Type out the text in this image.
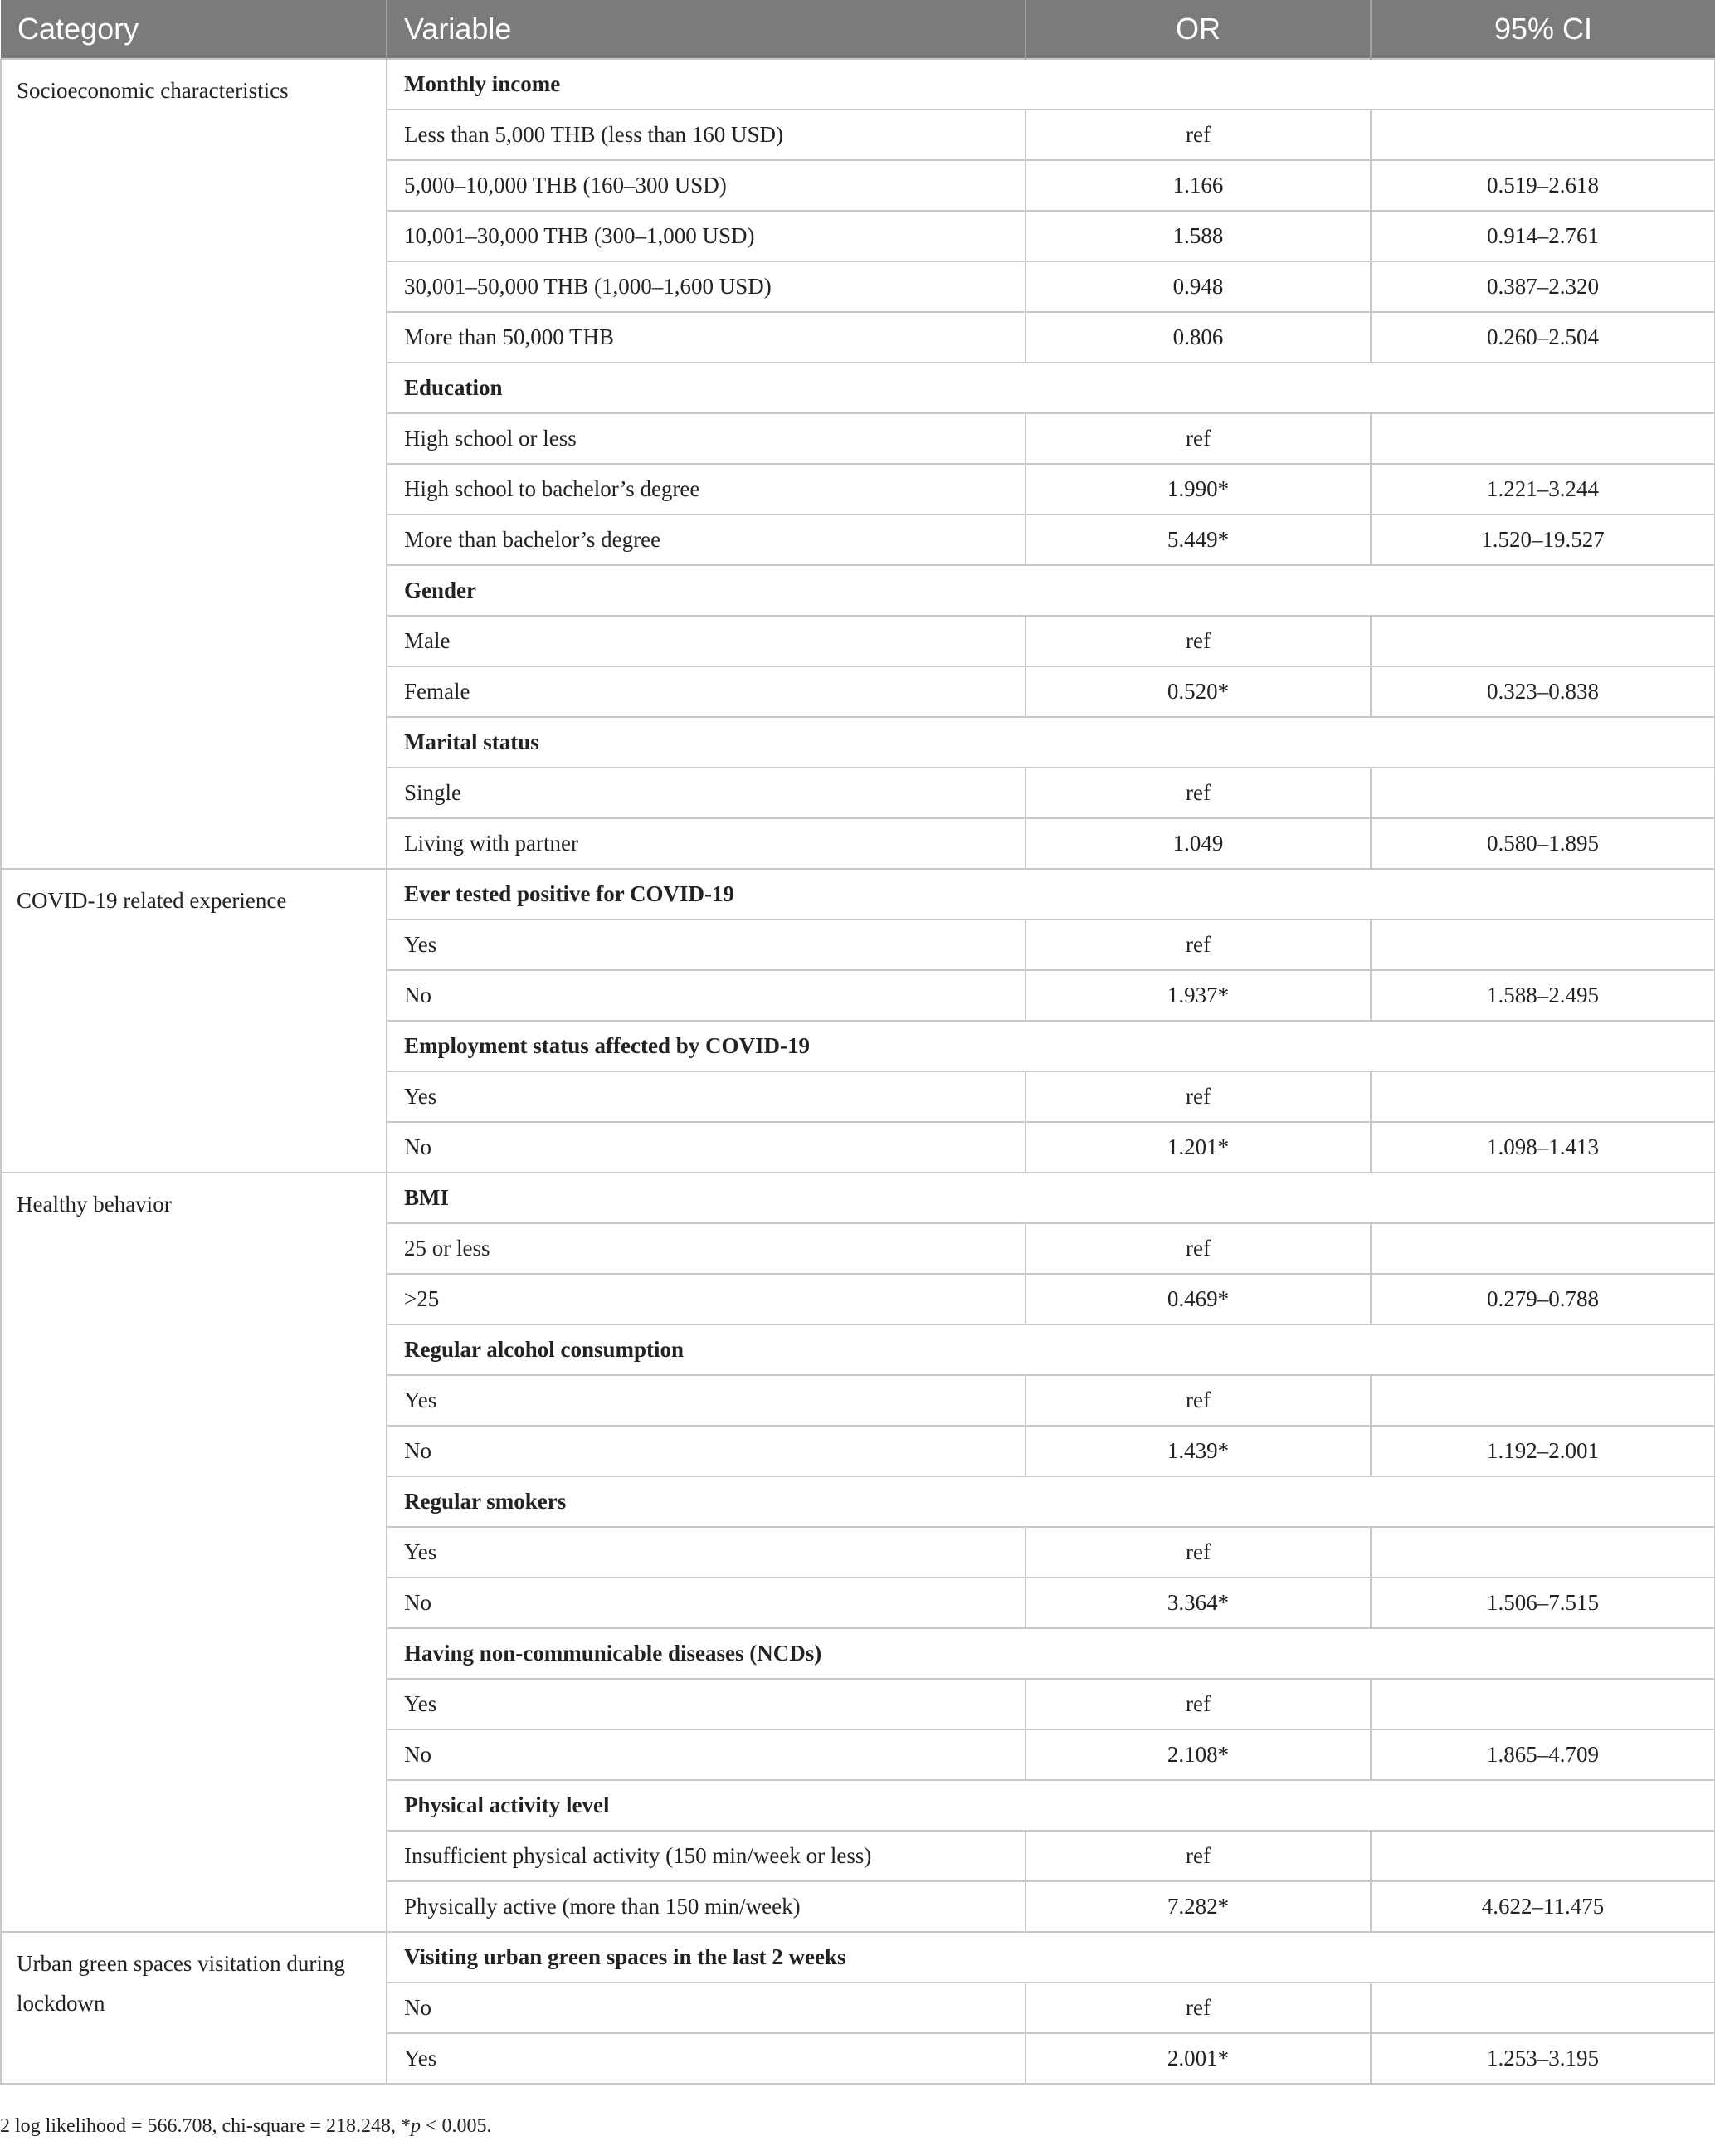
Category	Variable	OR	95% CI
Socioeconomic characteristics	Monthly income		
	Less than 5,000 THB (less than 160 USD)	ref	
	5,000–10,000 THB (160–300 USD)	1.166	0.519–2.618
	10,001–30,000 THB (300–1,000 USD)	1.588	0.914–2.761
	30,001–50,000 THB (1,000–1,600 USD)	0.948	0.387–2.320
	More than 50,000 THB	0.806	0.260–2.504
	Education		
	High school or less	ref	
	High school to bachelor’s degree	1.990*	1.221–3.244
	More than bachelor’s degree	5.449*	1.520–19.527
	Gender		
	Male	ref	
	Female	0.520*	0.323–0.838
	Marital status		
	Single	ref	
	Living with partner	1.049	0.580–1.895
COVID-19 related experience	Ever tested positive for COVID-19		
	Yes	ref	
	No	1.937*	1.588–2.495
	Employment status affected by COVID-19		
	Yes	ref	
	No	1.201*	1.098–1.413
Healthy behavior	BMI		
	25 or less	ref	
	>25	0.469*	0.279–0.788
	Regular alcohol consumption		
	Yes	ref	
	No	1.439*	1.192–2.001
	Regular smokers		
	Yes	ref	
	No	3.364*	1.506–7.515
	Having non-communicable diseases (NCDs)		
	Yes	ref	
	No	2.108*	1.865–4.709
	Physical activity level		
	Insufficient physical activity (150 min/week or less)	ref	
	Physically active (more than 150 min/week)	7.282*	4.622–11.475
Urban green spaces visitation during lockdown	Visiting urban green spaces in the last 2 weeks		
	No	ref	
	Yes	2.001*	1.253–3.195
2 log likelihood = 566.708, chi-square = 218.248, *p < 0.005.
